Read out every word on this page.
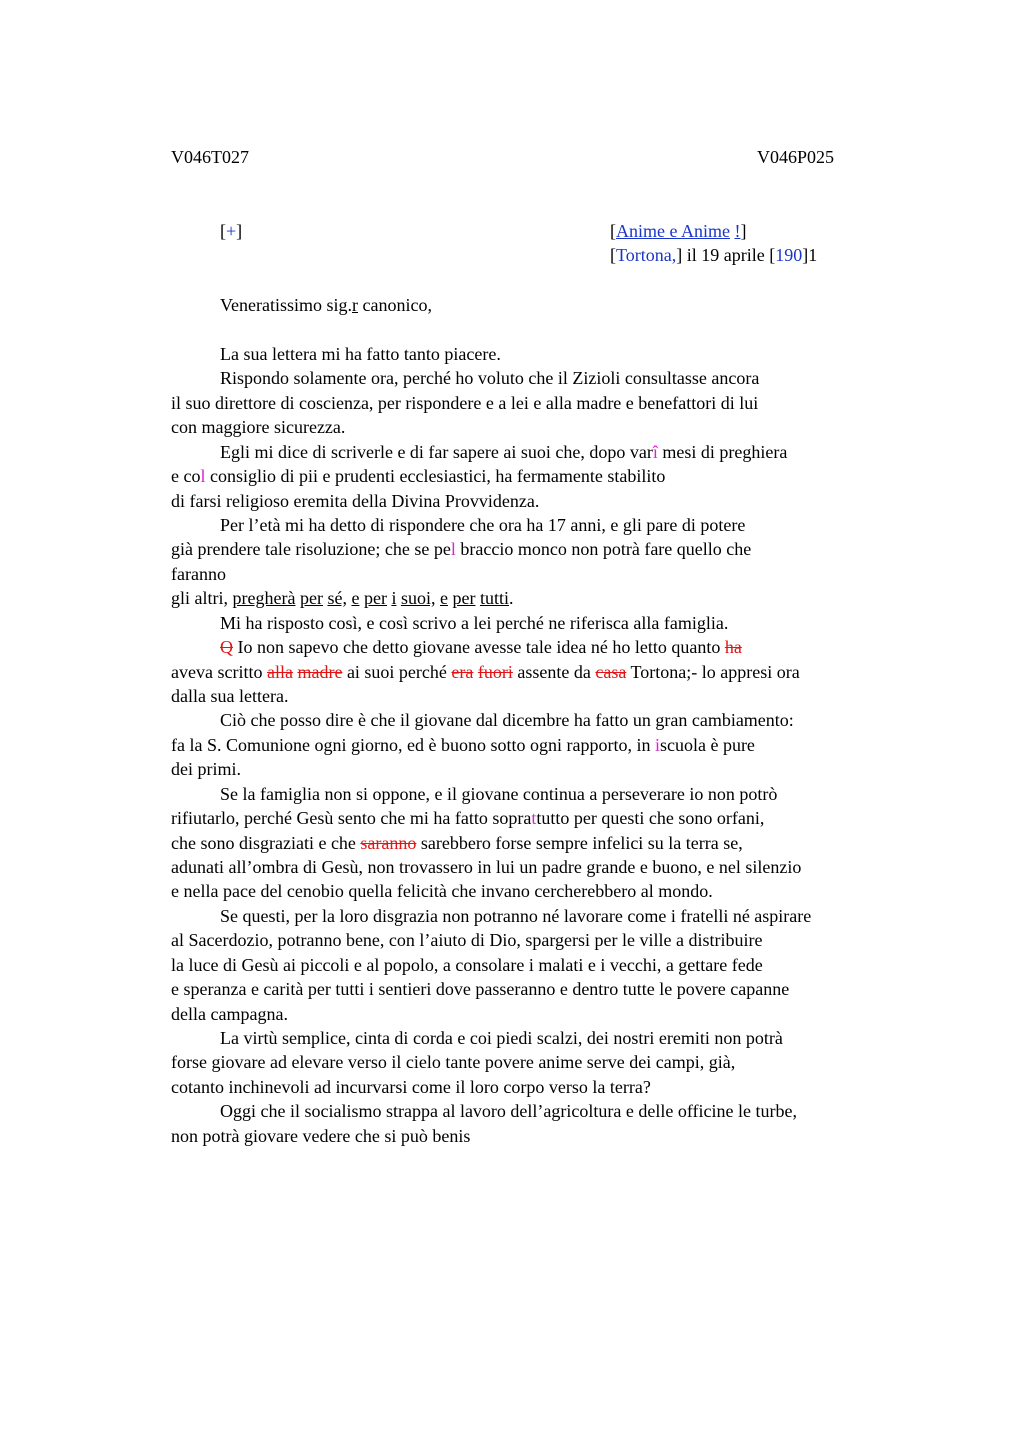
V046T027	V046P025
[+]	[Anime e Anime !]
[Tortona,] il 19 aprile [190]1
Veneratissimo sig.r canonico,
La sua lettera mi ha fatto tanto piacere.
Rispondo solamente ora, perché ho voluto che il Zizioli consultasse ancora
il suo direttore di coscienza, per rispondere e a lei e alla madre e benefattori di lui
con maggiore sicurezza.
Egli mi dice di scriverle e di far sapere ai suoi che, dopo varî mesi di preghiera
e col consiglio di pii e prudenti ecclesiastici, ha fermamente stabilito
di farsi religioso eremita della Divina Provvidenza.
Per l’età mi ha detto di rispondere che ora ha 17 anni, e gli pare di potere
già prendere tale risoluzione; che se pel braccio monco non potrà fare quello che
faranno
gli altri, pregherà per sé, e per i suoi, e per tutti.
Mi ha risposto così, e così scrivo a lei perché ne riferisca alla famiglia.
Q Io non sapevo che detto giovane avesse tale idea né ho letto quanto ha
aveva scritto alla madre ai suoi perché era fuori assente da casa Tortona;- lo appresi ora
dalla sua lettera.
Ciò che posso dire è che il giovane dal dicembre ha fatto un gran cambiamento:
fa la S. Comunione ogni giorno, ed è buono sotto ogni rapporto, in iscuola è pure
dei primi.
Se la famiglia non si oppone, e il giovane continua a perseverare io non potrò
rifiutarlo, perché Gesù sento che mi ha fatto soprattutto per questi che sono orfani,
che sono disgraziati e che saranno sarebbero forse sempre infelici su la terra se,
adunati all’ombra di Gesù, non trovassero in lui un padre grande e buono, e nel silenzio
e nella pace del cenobio quella felicità che invano cercherebbero al mondo.
Se questi, per la loro disgrazia non potranno né lavorare come i fratelli né aspirare
al Sacerdozio, potranno bene, con l’aiuto di Dio, spargersi per le ville a distribuire
la luce di Gesù ai piccoli e al popolo, a consolare i malati e i vecchi, a gettare fede
e speranza e carità per tutti i sentieri dove passeranno e dentro tutte le povere capanne
della campagna.
La virtù semplice, cinta di corda e coi piedi scalzi, dei nostri eremiti non potrà
forse giovare ad elevare verso il cielo tante povere anime serve dei campi, già,
cotanto inchinevoli ad incurvarsi come il loro corpo verso la terra?
Oggi che il socialismo strappa al lavoro dell’agricoltura e delle officine le turbe,
non potrà giovare vedere che si può benis
